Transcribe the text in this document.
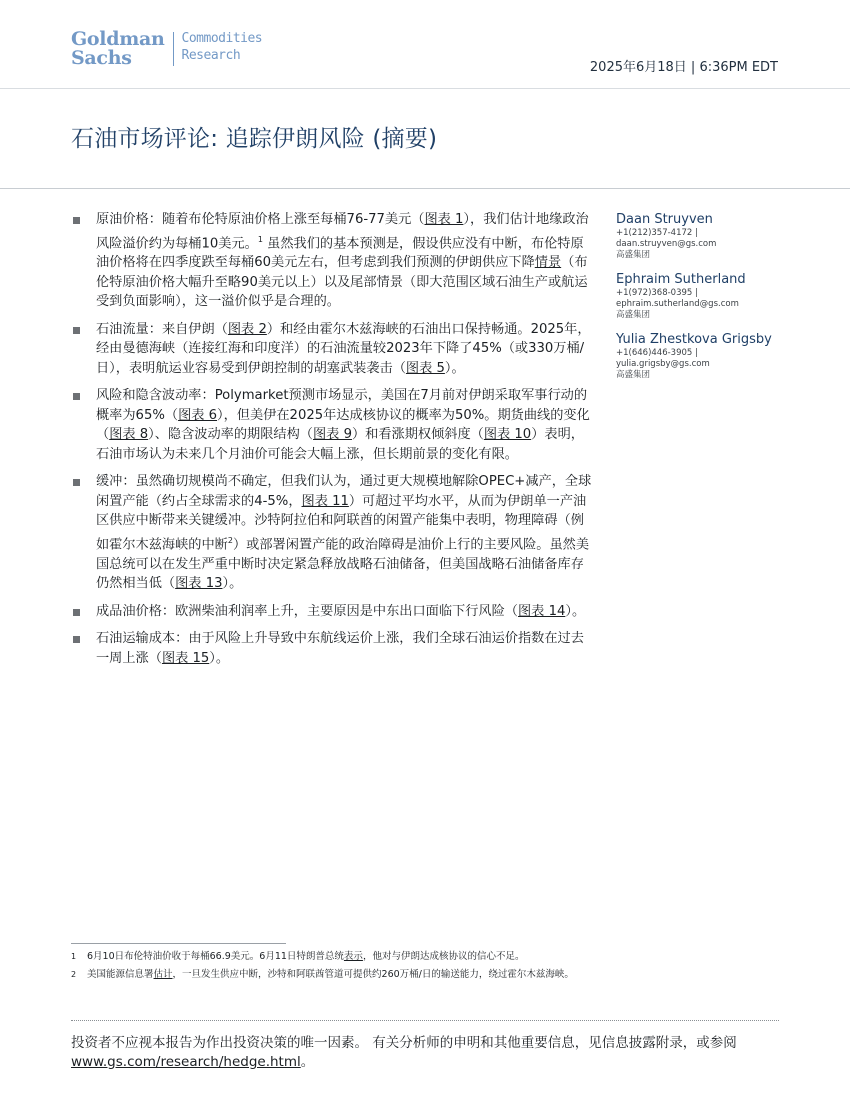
Goldman
Sachs
Commodities
Research
2025年6月18日 | 6:36PM EDT
石油市场评论: 追踪伊朗风险 (摘要)
原油价格：随着布伦特原油价格上涨至每桶76-77美元（图表 1），我们估计地缘政治风险溢价约为每桶10美元。$^1$ 虽然我们的基本预测是，假设供应没有中断，布伦特原油价格将在四季度跌至每桶60美元左右，但考虑到我们预测的伊朗供应下降情景（布伦特原油价格大幅升至略90美元以上）以及尾部情景（即大范围区域石油生产或航运受到负面影响），这一溢价似乎是合理的。
石油流量：来自伊朗（图表 2）和经由霍尔木兹海峡的石油出口保持畅通。2025年，经由曼德海峡（连接红海和印度洋）的石油流量较2023年下降了45%（或330万桶/日），表明航运业容易受到伊朗控制的胡塞武装袭击（图表 5）。
风险和隐含波动率：Polymarket预测市场显示，美国在7月前对伊朗采取军事行动的概率为65%（图表 6），但美伊在2025年达成核协议的概率为50%。期货曲线的变化（图表 8）、隐含波动率的期限结构（图表 9）和看涨期权倾斜度（图表 10）表明，石油市场认为未来几个月油价可能会大幅上涨，但长期前景的变化有限。
缓冲：虽然确切规模尚不确定，但我们认为，通过更大规模地解除OPEC+减产，全球闲置产能（约占全球需求的4-5%，图表 11）可超过平均水平，从而为伊朗单一产油区供应中断带来关键缓冲。沙特阿拉伯和阿联酋的闲置产能集中表明，物理障碍（例如霍尔木兹海峡的中断$^2$）或部署闲置产能的政治障碍是油价上行的主要风险。虽然美国总统可以在发生严重中断时决定紧急释放战略石油储备，但美国战略石油储备库存仍然相当低（图表 13）。
成品油价格：欧洲柴油利润率上升，主要原因是中东出口面临下行风险（图表 14）。
石油运输成本：由于风险上升导致中东航线运价上涨，我们全球石油运价指数在过去一周上涨（图表 15）。
Daan Struyven
+1(212)357-4172 |
daan.struyven@gs.com
高盛集团
Ephraim Sutherland
+1(972)368-0395 |
ephraim.sutherland@gs.com
高盛集团
Yulia Zhestkova Grigsby
+1(646)446-3905 |
yulia.grigsby@gs.com
高盛集团
1	6月10日布伦特油价收于每桶66.9美元。6月11日特朗普总统表示，他对与伊朗达成核协议的信心不足。
2	美国能源信息署估计，一旦发生供应中断，沙特和阿联酋管道可提供约260万桶/日的输送能力，绕过霍尔木兹海峡。
投资者不应视本报告为作出投资决策的唯一因素。 有关分析师的申明和其他重要信息，见信息披露附录，或参阅
www.gs.com/research/hedge.html。
